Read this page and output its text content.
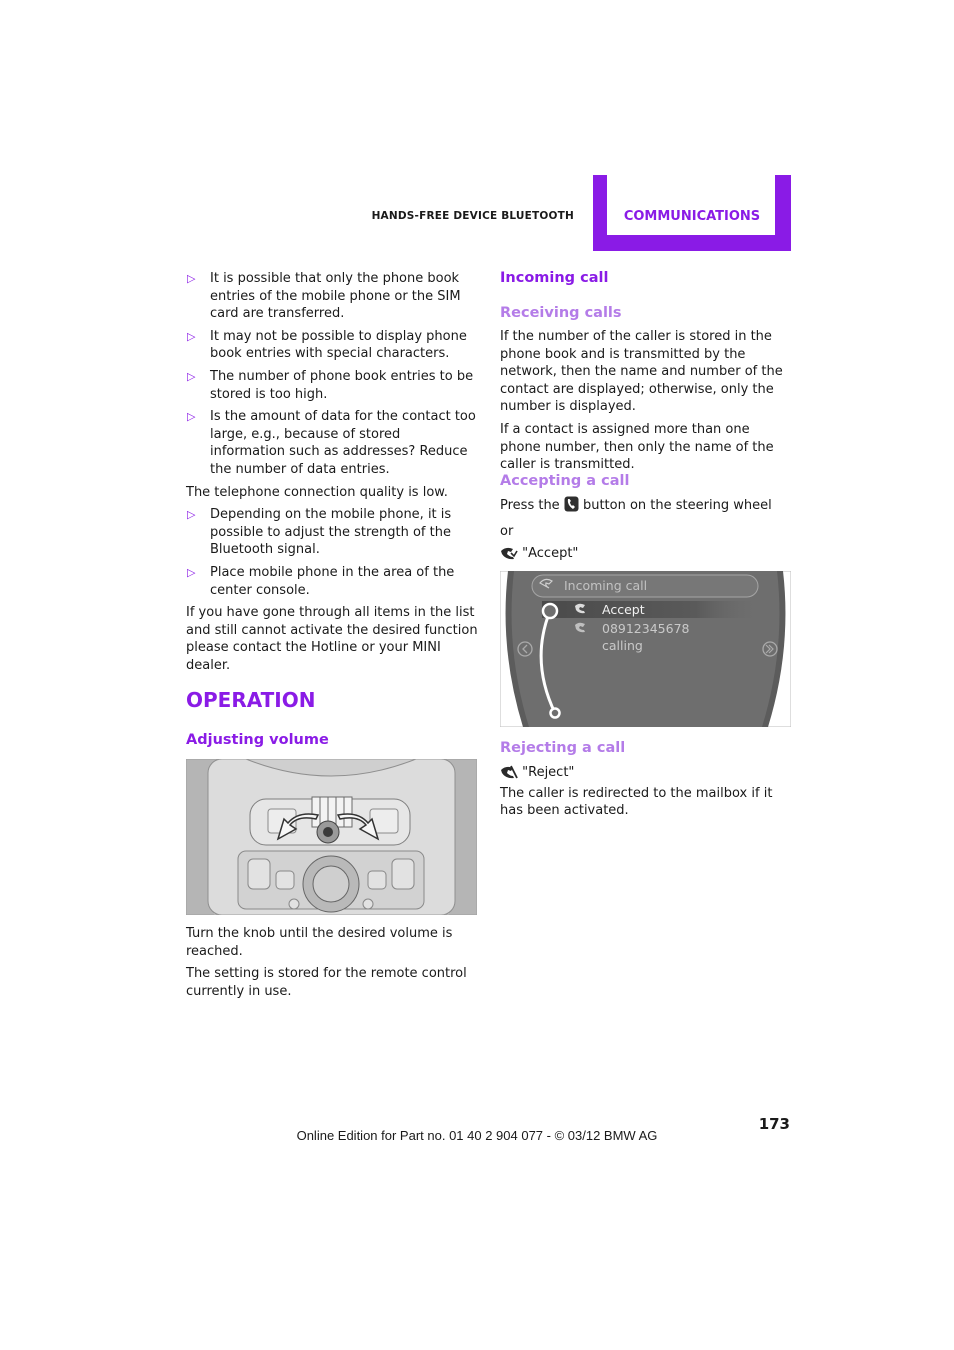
HANDS-FREE DEVICE BLUETOOTH	COMMUNICATIONS
▷ It is possible that only the phone book entries of the mobile phone or the SIM card are transferred.
▷ It may not be possible to display phone book entries with special characters.
▷ The number of phone book entries to be stored is too high.
▷ Is the amount of data for the contact too large, e.g., because of stored information such as addresses? Reduce the number of data entries.

The telephone connection quality is low.

▷ Depending on the mobile phone, it is possible to adjust the strength of the Bluetooth signal.
▷ Place mobile phone in the area of the center console.

If you have gone through all items in the list and still cannot activate the desired function please contact the Hotline or your MINI dealer.

OPERATION
Adjusting volume

Turn the knob until the desired volume is reached.

The setting is stored for the remote control currently in use.

Incoming call
Receiving calls

If the number of the caller is stored in the phone book and is transmitted by the network, then the name and number of the contact are displayed; otherwise, only the number is displayed.

If a contact is assigned more than one phone number, then only the name of the caller is transmitted.

Accepting a call

Press the button on the steering wheel

or

"Accept"

Incoming call
Accept
08912345678
calling
Rejecting a call
"Reject"

The caller is redirected to the mailbox if it has been activated.

173
Online Edition for Part no. 01 40 2 904 077 - © 03/12 BMW AG
